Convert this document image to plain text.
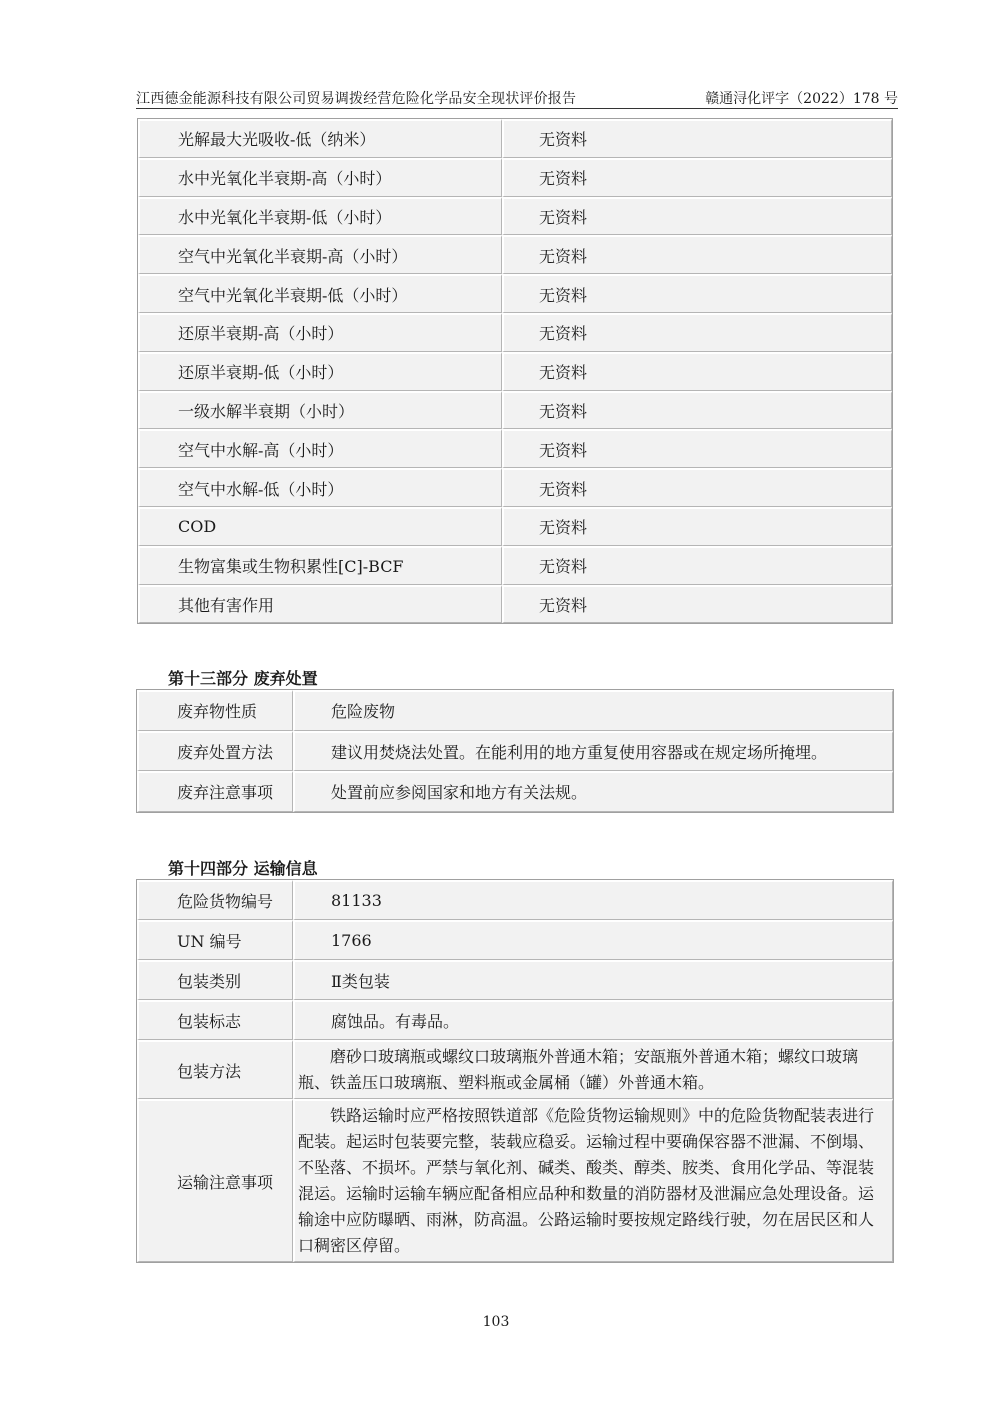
江西德金能源科技有限公司贸易调拨经营危险化学品安全现状评价报告	赣通浔化评字（2022）178 号
光解最大光吸收-低（纳米）	无资料
水中光氧化半衰期-高（小时）	无资料
水中光氧化半衰期-低（小时）	无资料
空气中光氧化半衰期-高（小时）	无资料
空气中光氧化半衰期-低（小时）	无资料
还原半衰期-高（小时）	无资料
还原半衰期-低（小时）	无资料
一级水解半衰期（小时）	无资料
空气中水解-高（小时）	无资料
空气中水解-低（小时）	无资料
COD	无资料
生物富集或生物积累性[C]-BCF	无资料
其他有害作用	无资料
第十三部分 废弃处置
废弃物性质	危险废物
废弃处置方法	建议用焚烧法处置。在能利用的地方重复使用容器或在规定场所掩埋。
废弃注意事项	处置前应参阅国家和地方有关法规。
第十四部分 运输信息
危险货物编号	81133
UN 编号	1766
包装类别	Ⅱ类包装
包装标志	腐蚀品。有毒品。
包装方法	磨砂口玻璃瓶或螺纹口玻璃瓶外普通木箱；安瓿瓶外普通木箱；螺纹口玻璃瓶、铁盖压口玻璃瓶、塑料瓶或金属桶（罐）外普通木箱。

运输注意事项	铁路运输时应严格按照铁道部《危险货物运输规则》中的危险货物配装表进行配装。起运时包装要完整，装载应稳妥。运输过程中要确保容器不泄漏、不倒塌、不坠落、不损坏。严禁与氧化剂、碱类、酸类、醇类、胺类、食用化学品、等混装混运。运输时运输车辆应配备相应品种和数量的消防器材及泄漏应急处理设备。运输途中应防曝晒、雨淋，防高温。公路运输时要按规定路线行驶，勿在居民区和人口稠密区停留。
103
